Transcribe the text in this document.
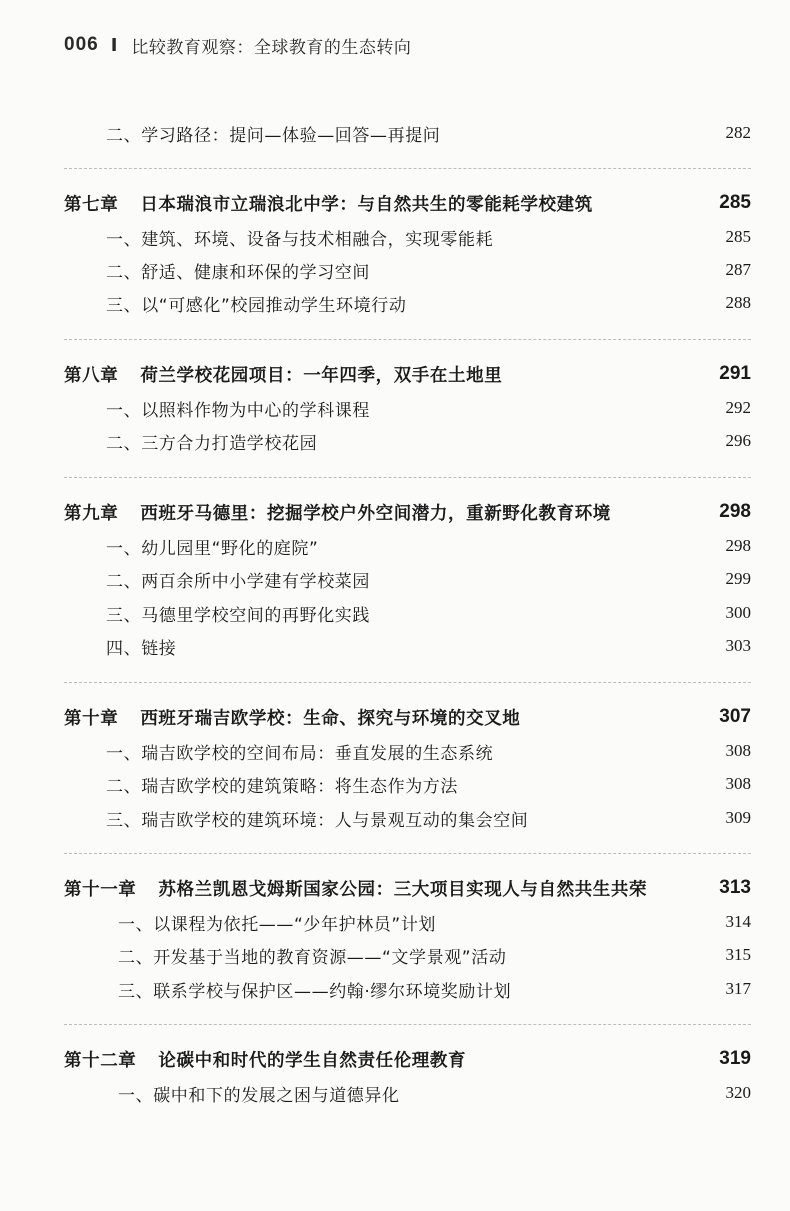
006 I 比较教育观察：全球教育的生态转向
二、学习路径：提问—体验—回答—再提问	282
第七章 日本瑞浪市立瑞浪北中学：与自然共生的零能耗学校建筑	285
一、建筑、环境、设备与技术相融合，实现零能耗	285
二、舒适、健康和环保的学习空间	287
三、以“可感化”校园推动学生环境行动	288
第八章 荷兰学校花园项目：一年四季，双手在土地里	291
一、以照料作物为中心的学科课程	292
二、三方合力打造学校花园	296
第九章 西班牙马德里：挖掘学校户外空间潜力，重新野化教育环境	298
一、幼儿园里“野化的庭院”	298
二、两百余所中小学建有学校菜园	299
三、马德里学校空间的再野化实践	300
四、链接	303
第十章 西班牙瑞吉欧学校：生命、探究与环境的交叉地	307
一、瑞吉欧学校的空间布局：垂直发展的生态系统	308
二、瑞吉欧学校的建筑策略：将生态作为方法	308
三、瑞吉欧学校的建筑环境：人与景观互动的集会空间	309
第十一章 苏格兰凯恩戈姆斯国家公园：三大项目实现人与自然共生共荣	313
一、以课程为依托——“少年护林员”计划	314
二、开发基于当地的教育资源——“文学景观”活动	315
三、联系学校与保护区——约翰·缪尔环境奖励计划	317
第十二章 论碳中和时代的学生自然责任伦理教育	319
一、碳中和下的发展之困与道德异化	320
